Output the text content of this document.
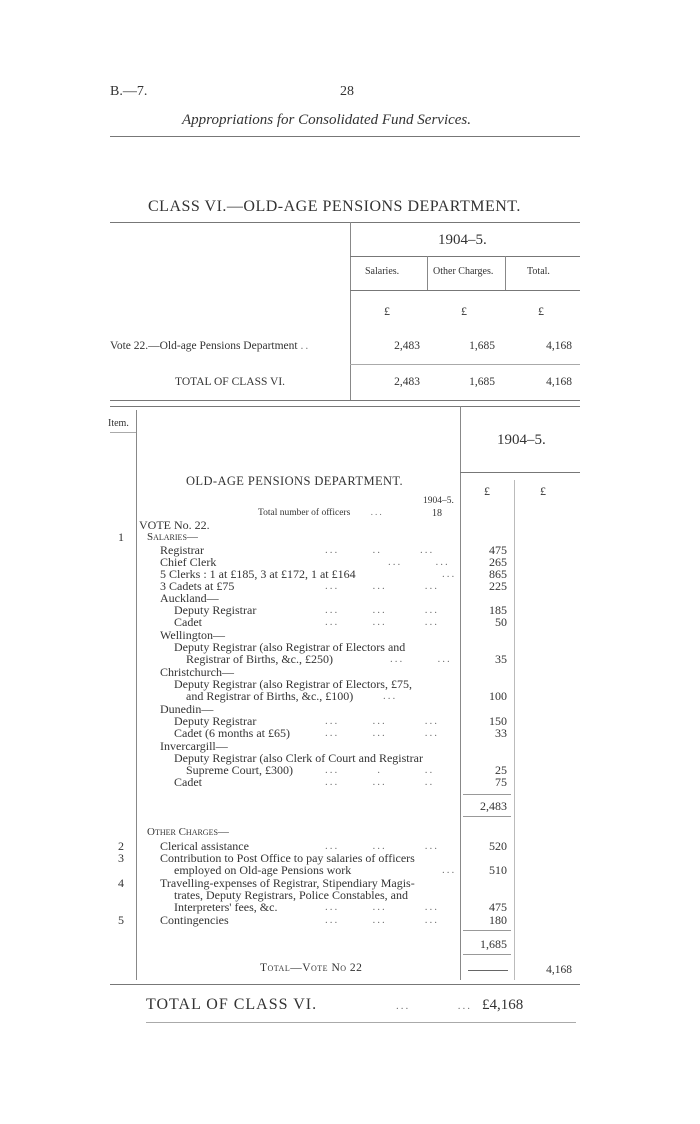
B.—7.	28
Appropriations for Consolidated Fund Services.
CLASS VI.—OLD-AGE PENSIONS DEPARTMENT.
1904–5.
Salaries.	Other Charges.	Total.
£	£	£
Vote 22.—Old-age Pensions Department ..	2,483	1,685	4,168
TOTAL OF CLASS VI.	2,483	1,685	4,168
Item.
1904–5.
£	£
OLD-AGE PENSIONS DEPARTMENT.
1904–5.
Total number of officers ...	18
VOTE No. 22.
1 Salaries—
Registrar	...       ..        ...	475
Chief Clerk	...       ...	265
5 Clerks : 1 at £185, 3 at £172, 1 at £164	...	865
3 Cadets at £75	...       ...        ...	225
Auckland—
Deputy Registrar	...       ...        ...	185
Cadet	...       ...        ...	50
Wellington—
Deputy Registrar (also Registrar of Electors and
Registrar of Births, &c., £250)	...       ...	35
Christchurch—
Deputy Registrar (also Registrar of Electors, £75,
and Registrar of Births, &c., £100)	...	100
Dunedin—
Deputy Registrar	...       ...        ...	150
Cadet (6 months at £65)	...       ...        ...	33
Invercargill—
Deputy Registrar (also Clerk of Court and Registrar
Supreme Court, £300)	...        .         ..	25
Cadet	...       ...        ..	75
2,483
Other Charges—
2	Clerical assistance	...       ...        ...	520
3	Contribution to Post Office to pay salaries of officers
employed on Old-age Pensions work	...	510
4	Travelling-expenses of Registrar, Stipendiary Magis-
trates, Deputy Registrars, Police Constables, and
Interpreters' fees, &c.	...       ...        ...	475
5	Contingencies	...       ...        ...	180
1,685
Total—Vote No 22	4,168
TOTAL OF CLASS VI.	...          ... £4,168
